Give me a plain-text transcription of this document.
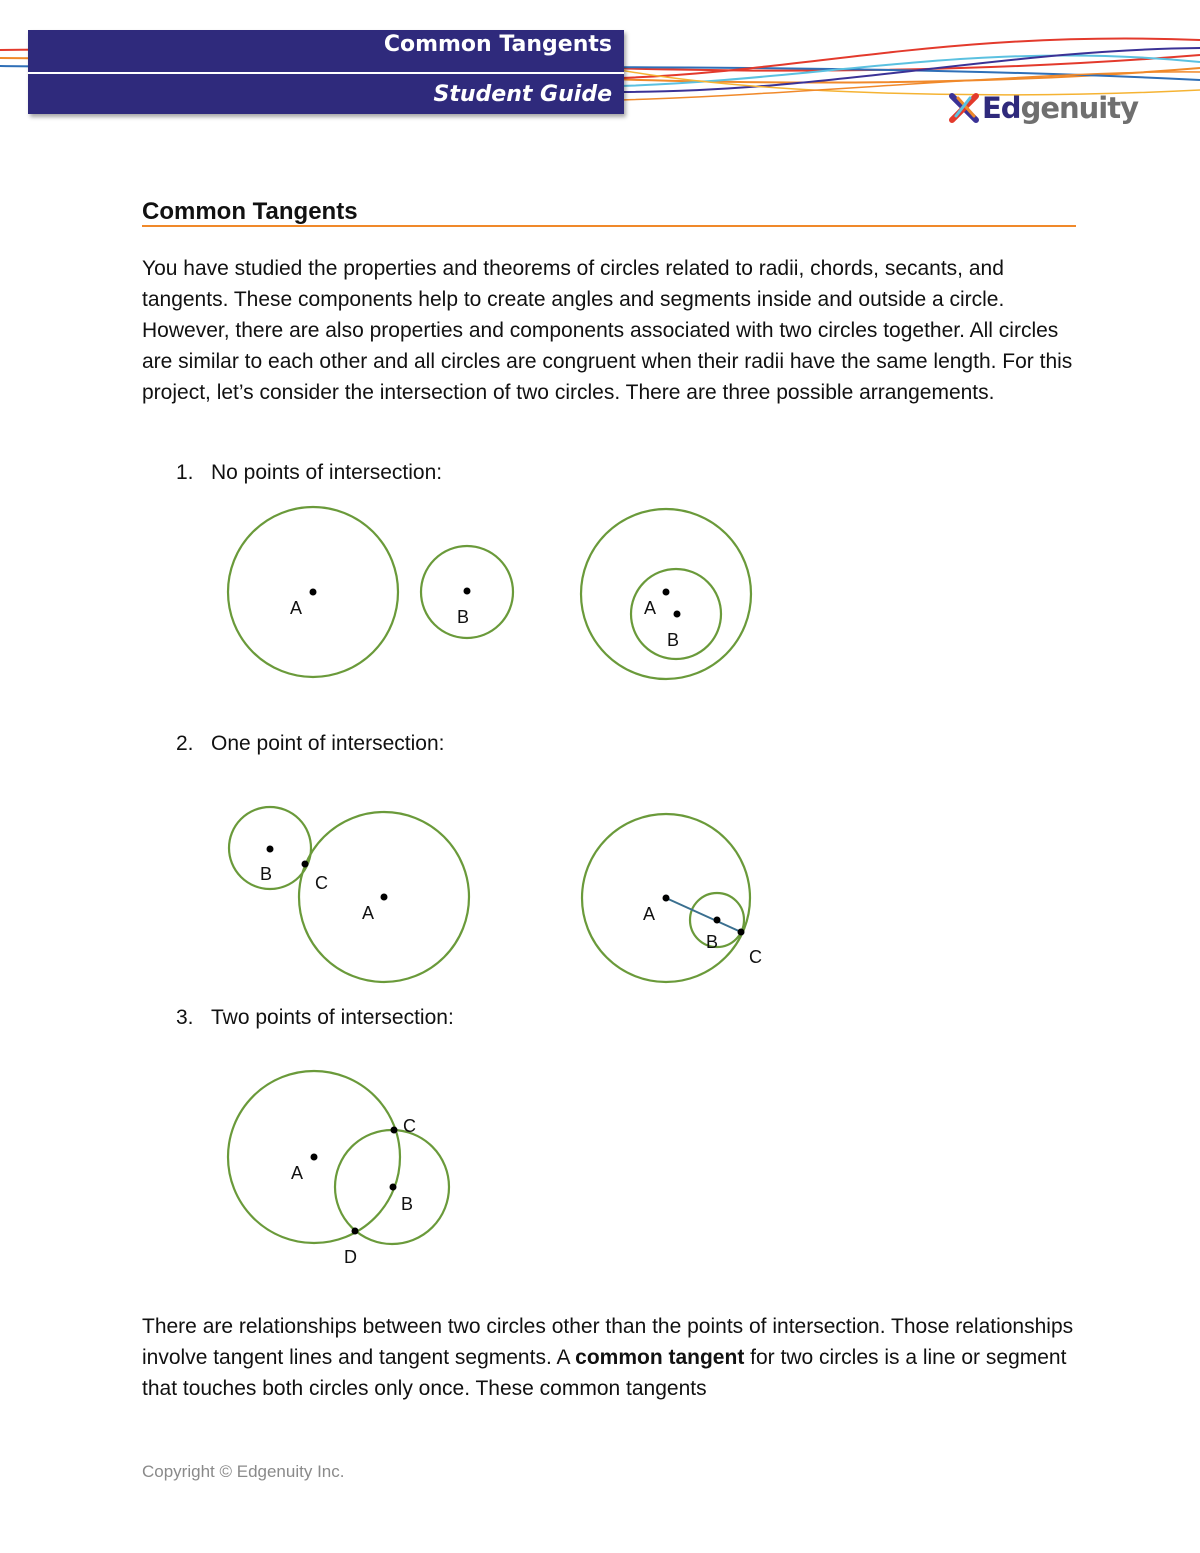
Common Tangents
Student Guide	Ed genuity
Common Tangents

You have studied the properties and theorems of circles related to radii, chords, secants, and tangents. These components help to create angles and segments inside and outside a circle. However, there are also properties and components associated with two circles together. All circles are similar to each other and all circles are congruent when their radii have the same length. For this project, let’s consider the intersection of two circles. There are three possible arrangements.

1. No points of intersection:
2. One point of intersection:
3. Two points of intersection:
A	B	A
B
B C
A	A
B
C
A
C
B
D

There are relationships between two circles other than the points of intersection. Those relationships involve tangent lines and tangent segments. A common tangent for two circles is a line or segment that touches both circles only once. These common tangents

Copyright © Edgenuity Inc.
